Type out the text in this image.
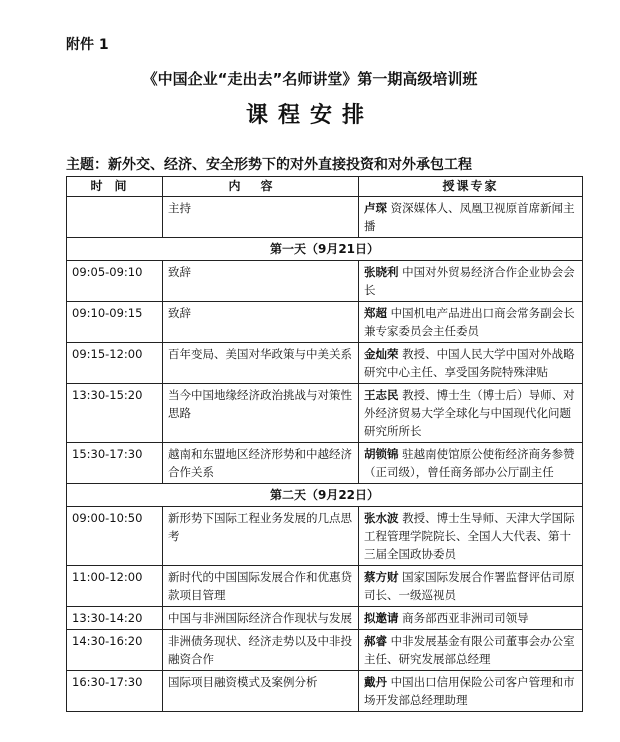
附件 1
《中国企业“走出去”名师讲堂》第一期高级培训班
课程安排
主题：新外交、经济、安全形势下的对外直接投资和对外承包工程
时间	内容	授课专家
	主持	卢琛 资深媒体人、凤凰卫视原首席新闻主播
第一天（9月21日）		
09:05-09:10	致辞	张晓利 中国对外贸易经济合作企业协会会长
09:10-09:15	致辞	郑超 中国机电产品进出口商会常务副会长兼专家委员会主任委员
09:15-12:00	百年变局、美国对华政策与中美关系	金灿荣 教授、中国人民大学中国对外战略研究中心主任、享受国务院特殊津贴
13:30-15:20	当今中国地缘经济政治挑战与对策性思路	王志民 教授、博士生（博士后）导师、对外经济贸易大学全球化与中国现代化问题研究所所长
15:30-17:30	越南和东盟地区经济形势和中越经济合作关系	胡锁锦 驻越南使馆原公使衔经济商务参赞（正司级），曾任商务部办公厅副主任
第二天（9月22日）		
09:00-10:50	新形势下国际工程业务发展的几点思考	张水波 教授、博士生导师、天津大学国际工程管理学院院长、全国人大代表、第十三届全国政协委员
11:00-12:00	新时代的中国国际发展合作和优惠贷款项目管理	蔡方财 国家国际发展合作署监督评估司原司长、一级巡视员
13:30-14:20	中国与非洲国际经济合作现状与发展	拟邀请 商务部西亚非洲司司领导
14:30-16:20	非洲债务现状、经济走势以及中非投融资合作	郝睿 中非发展基金有限公司董事会办公室主任、研究发展部总经理
16:30-17:30	国际项目融资模式及案例分析	戴丹 中国出口信用保险公司客户管理和市场开发部总经理助理
